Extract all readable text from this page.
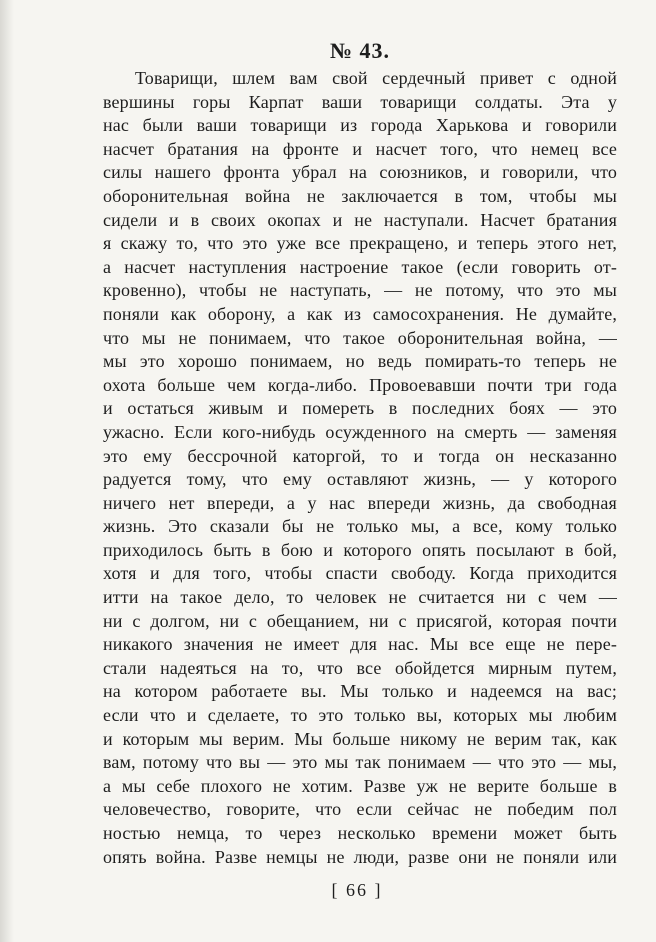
№ 43.
Товарищи, шлем вам свой сердечный привет с одной
вершины горы Карпат ваши товарищи солдаты. Эта у
нас были ваши товарищи из города Харькова и говорили
насчет братания на фронте и насчет того, что немец все
силы нашего фронта убрал на союзников, и говорили, что
оборонительная война не заключается в том, чтобы мы
сидели и в своих окопах и не наступали. Насчет братания
я скажу то, что это уже все прекращено, и теперь этого нет,
а насчет наступления настроение такое (если говорить от-
кровенно), чтобы не наступать, — не потому, что это мы
поняли как оборону, а как из самосохранения. Не думайте,
что мы не понимаем, что такое оборонительная война, —
мы это хорошо понимаем, но ведь помирать-то теперь не
охота больше чем когда-либо. Провоевавши почти три года
и остаться живым и помереть в последних боях — это
ужасно. Если кого-нибудь осужденного на смерть — заменяя
это ему бессрочной каторгой, то и тогда он несказанно
радуется тому, что ему оставляют жизнь, — у которого
ничего нет впереди, а у нас впереди жизнь, да свободная
жизнь. Это сказали бы не только мы, а все, кому только
приходилось быть в бою и которого опять посылают в бой,
хотя и для того, чтобы спасти свободу. Когда приходится
итти на такое дело, то человек не считается ни с чем —
ни с долгом, ни с обещанием, ни с присягой, которая почти
никакого значения не имеет для нас. Мы все еще не пере-
стали надеяться на то, что все обойдется мирным путем,
на котором работаете вы. Мы только и надеемся на вас;
если что и сделаете, то это только вы, которых мы любим
и которым мы верим. Мы больше никому не верим так, как
вам, потому что вы — это мы так понимаем — что это — мы,
а мы себе плохого не хотим. Разве уж не верите больше в
человечество, говорите, что если сейчас не победим пол
ностью немца, то через несколько времени может быть
опять война. Разве немцы не люди, разве они не поняли или
[ 66 ]
